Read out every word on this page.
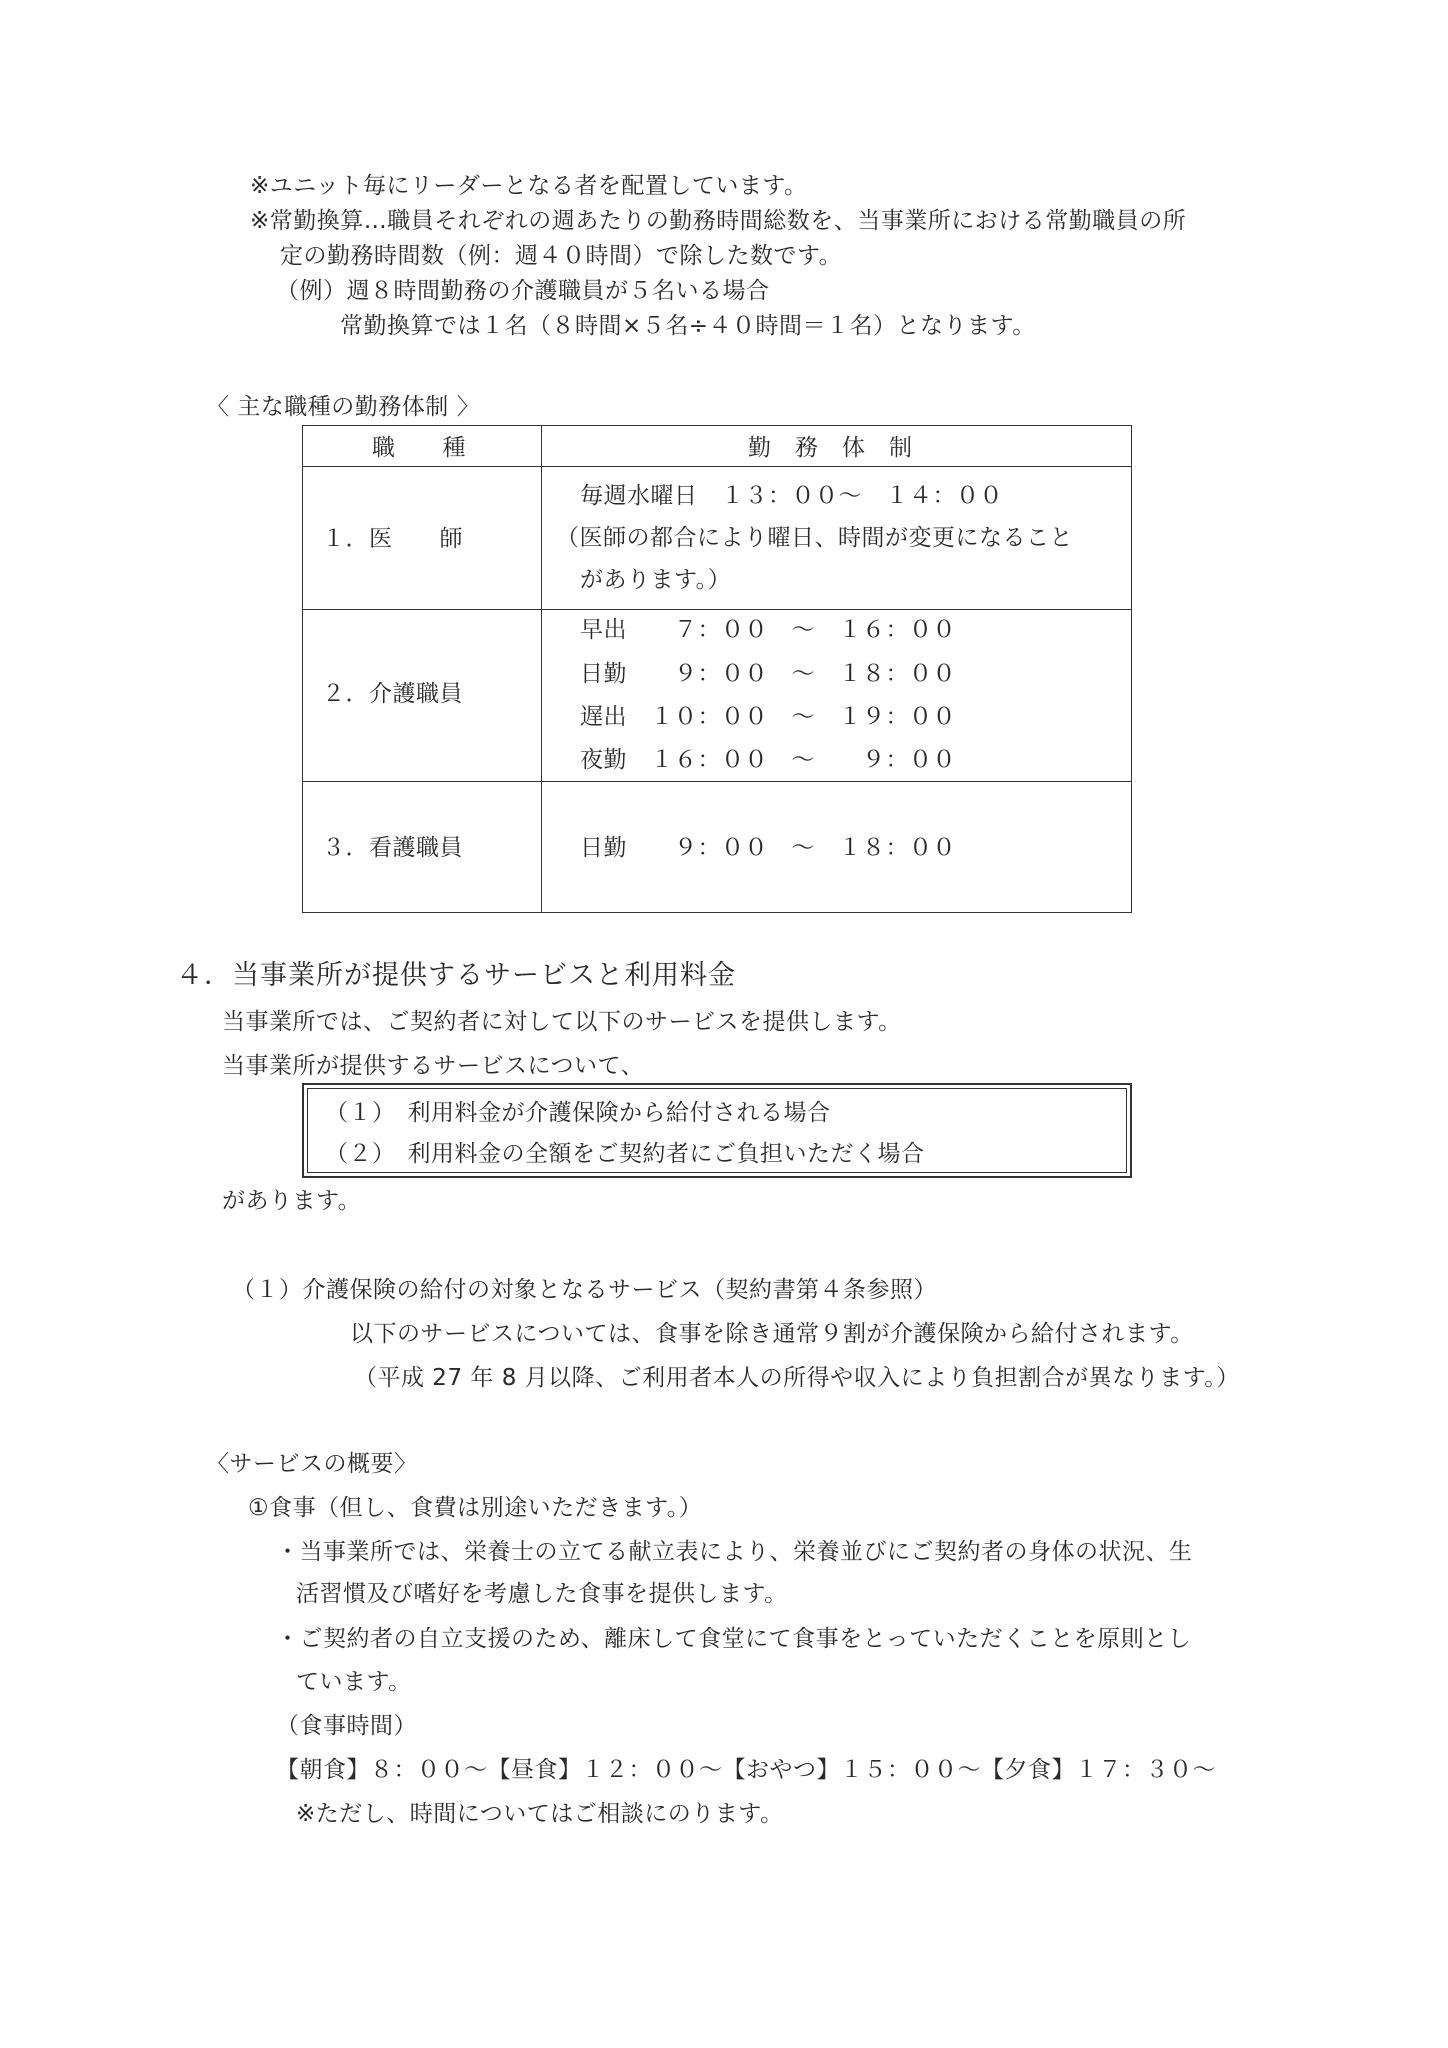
※ユニット毎にリーダーとなる者を配置しています。
※常勤換算…職員それぞれの週あたりの勤務時間総数を、当事業所における常勤職員の所
定の勤務時間数（例：週４０時間）で除した数です。
（例）週８時間勤務の介護職員が５名いる場合
常勤換算では１名（８時間×５名÷４０時間＝１名）となります。
〈 主な職種の勤務体制 〉
職　　種	勤　務　体　制
１．医　　師
毎週水曜日　１３：００～　１４：００
（医師の都合により曜日、時間が変更になること
があります。）
２．介護職員
早出　　７：００　～　１６：００
日勤　　９：００　～　１８：００
遅出　１０：００　～　１９：００
夜勤　１６：００　～　　９：００
３．看護職員	日勤　　９：００　～　１８：００
４．当事業所が提供するサービスと利用料金
当事業所では、ご契約者に対して以下のサービスを提供します。
当事業所が提供するサービスについて、
（１）　利用料金が介護保険から給付される場合
（２）　利用料金の全額をご契約者にご負担いただく場合
があります。
（１）介護保険の給付の対象となるサービス（契約書第４条参照）
以下のサービスについては、食事を除き通常９割が介護保険から給付されます。
（平成 27 年 8 月以降、ご利用者本人の所得や収入により負担割合が異なります。）
〈サービスの概要〉
①食事（但し、食費は別途いただきます。）
・当事業所では、栄養士の立てる献立表により、栄養並びにご契約者の身体の状況、生
活習慣及び嗜好を考慮した食事を提供します。
・ご契約者の自立支援のため、離床して食堂にて食事をとっていただくことを原則とし
ています。
（食事時間）
【朝食】８：００～【昼食】１２：００～【おやつ】１５：００～【夕食】１７：３０～
※ただし、時間についてはご相談にのります。
